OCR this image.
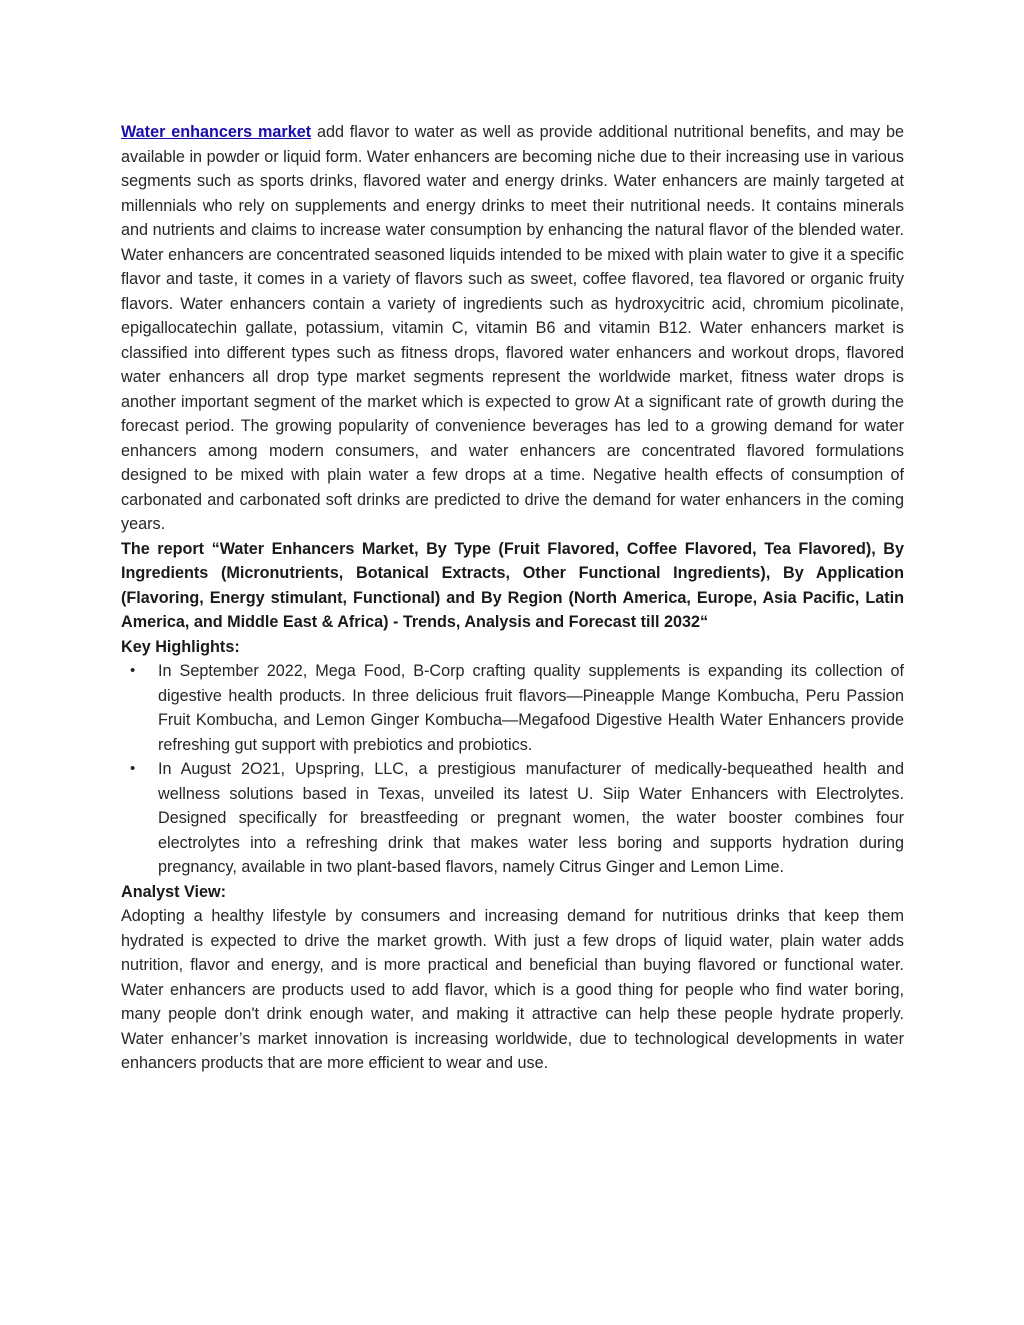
Water enhancers market add flavor to water as well as provide additional nutritional benefits, and may be available in powder or liquid form. Water enhancers are becoming niche due to their increasing use in various segments such as sports drinks, flavored water and energy drinks. Water enhancers are mainly targeted at millennials who rely on supplements and energy drinks to meet their nutritional needs. It contains minerals and nutrients and claims to increase water consumption by enhancing the natural flavor of the blended water. Water enhancers are concentrated seasoned liquids intended to be mixed with plain water to give it a specific flavor and taste, it comes in a variety of flavors such as sweet, coffee flavored, tea flavored or organic fruity flavors. Water enhancers contain a variety of ingredients such as hydroxycitric acid, chromium picolinate, epigallocatechin gallate, potassium, vitamin C, vitamin B6 and vitamin B12. Water enhancers market is classified into different types such as fitness drops, flavored water enhancers and workout drops, flavored water enhancers all drop type market segments represent the worldwide market, fitness water drops is another important segment of the market which is expected to grow At a significant rate of growth during the forecast period. The growing popularity of convenience beverages has led to a growing demand for water enhancers among modern consumers, and water enhancers are concentrated flavored formulations designed to be mixed with plain water a few drops at a time. Negative health effects of consumption of carbonated and carbonated soft drinks are predicted to drive the demand for water enhancers in the coming years.

The report “Water Enhancers Market, By Type (Fruit Flavored, Coffee Flavored, Tea Flavored), By Ingredients (Micronutrients, Botanical Extracts, Other Functional Ingredients), By Application (Flavoring, Energy stimulant, Functional) and By Region (North America, Europe, Asia Pacific, Latin America, and Middle East & Africa) - Trends, Analysis and Forecast till 2032“

Key Highlights:

• In September 2022, Mega Food, B-Corp crafting quality supplements is expanding its collection of digestive health products. In three delicious fruit flavors—Pineapple Mange Kombucha, Peru Passion Fruit Kombucha, and Lemon Ginger Kombucha—Megafood Digestive Health Water Enhancers provide refreshing gut support with prebiotics and probiotics.
• In August 2O21, Upspring, LLC, a prestigious manufacturer of medically-bequeathed health and wellness solutions based in Texas, unveiled its latest U. Siip Water Enhancers with Electrolytes. Designed specifically for breastfeeding or pregnant women, the water booster combines four electrolytes into a refreshing drink that makes water less boring and supports hydration during pregnancy, available in two plant-based flavors, namely Citrus Ginger and Lemon Lime.

Analyst View:

Adopting a healthy lifestyle by consumers and increasing demand for nutritious drinks that keep them hydrated is expected to drive the market growth. With just a few drops of liquid water, plain water adds nutrition, flavor and energy, and is more practical and beneficial than buying flavored or functional water. Water enhancers are products used to add flavor, which is a good thing for people who find water boring, many people don't drink enough water, and making it attractive can help these people hydrate properly. Water enhancer’s market innovation is increasing worldwide, due to technological developments in water enhancers products that are more efficient to wear and use.
